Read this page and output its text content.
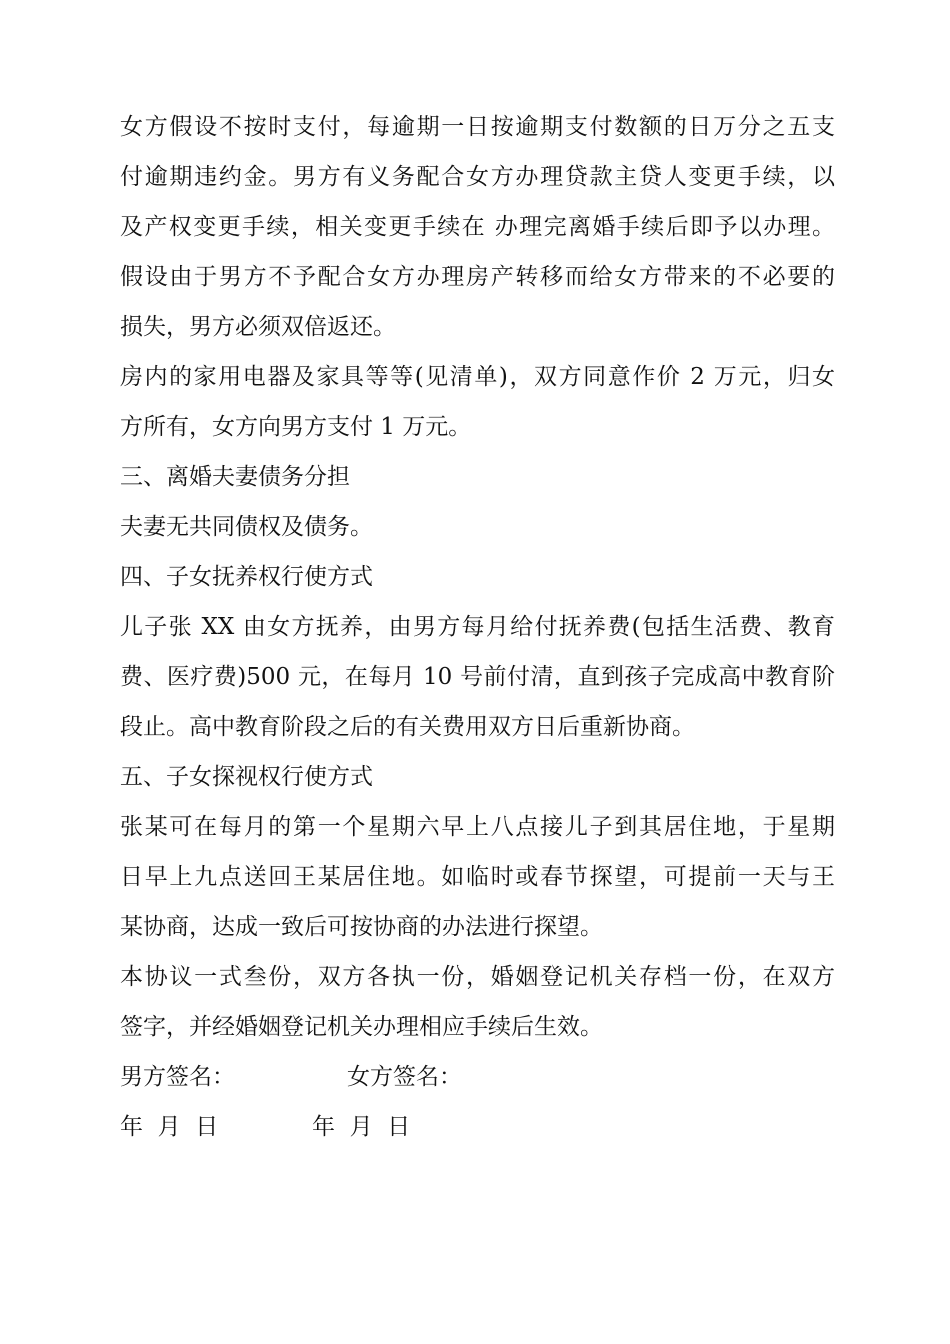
女方假设不按时支付，每逾期一日按逾期支付数额的日万分之五支
付逾期违约金。男方有义务配合女方办理贷款主贷人变更手续，以
及产权变更手续，相关变更手续在 办理完离婚手续后即予以办理。
假设由于男方不予配合女方办理房产转移而给女方带来的不必要的
损失，男方必须双倍返还。
房内的家用电器及家具等等(见清单)，双方同意作价 2 万元，归女
方所有，女方向男方支付 1 万元。
三、离婚夫妻债务分担
夫妻无共同债权及债务。
四、子女抚养权行使方式
儿子张 XX 由女方抚养，由男方每月给付抚养费(包括生活费、教育
费、医疗费)500 元，在每月 10 号前付清，直到孩子完成高中教育阶
段止。高中教育阶段之后的有关费用双方日后重新协商。
五、子女探视权行使方式
张某可在每月的第一个星期六早上八点接儿子到其居住地，于星期
日早上九点送回王某居住地。如临时或春节探望，可提前一天与王
某协商，达成一致后可按协商的办法进行探望。
本协议一式叁份，双方各执一份，婚姻登记机关存档一份，在双方
签字，并经婚姻登记机关办理相应手续后生效。
男方签名：	女方签名：
年  月  日	年  月  日
